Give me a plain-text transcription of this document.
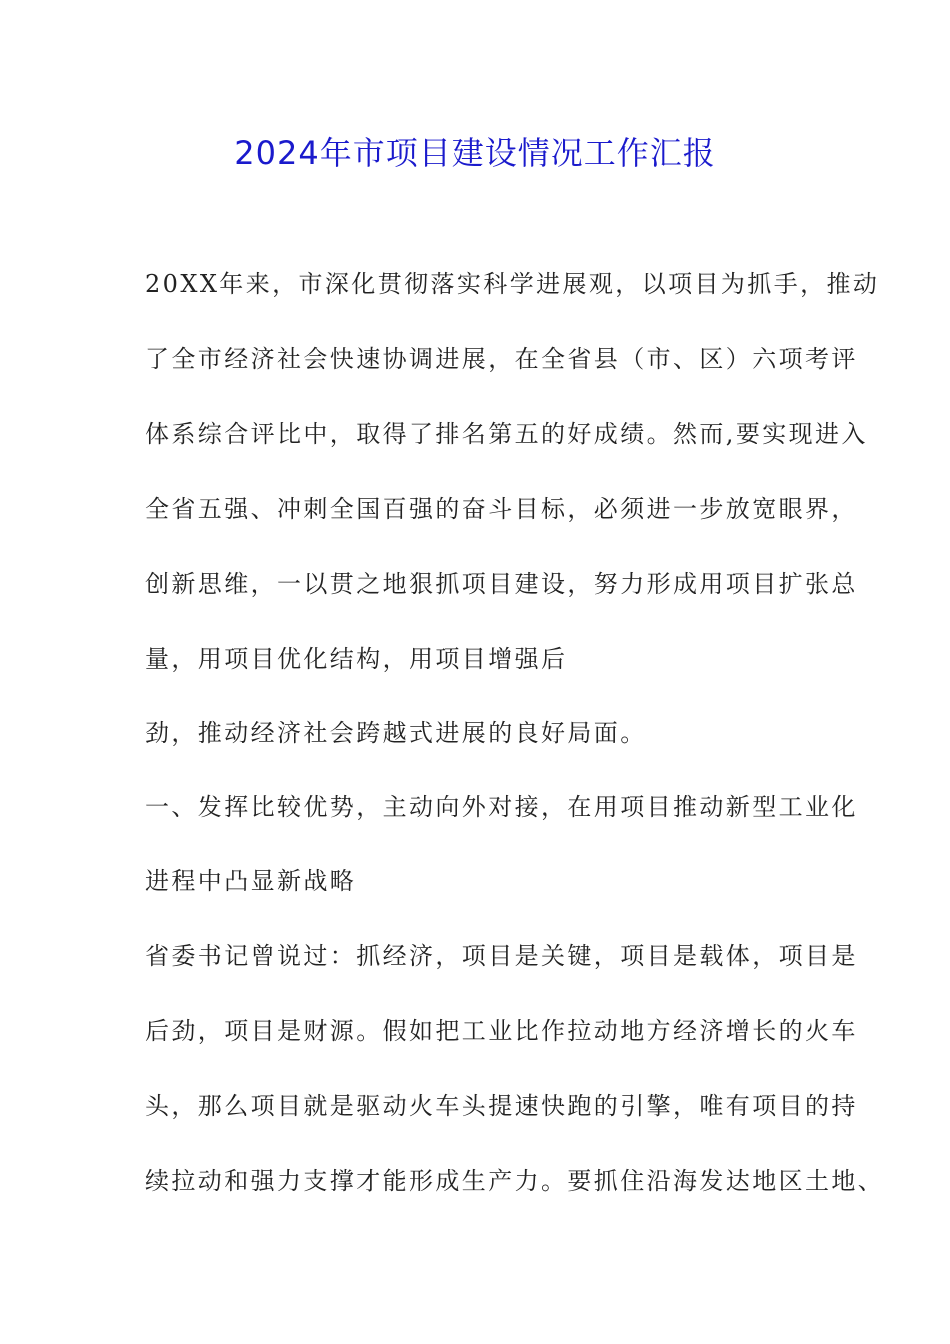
2024年市项目建设情况工作汇报
20XX年来，市深化贯彻落实科学进展观，以项目为抓手，推动
了全市经济社会快速协调进展，在全省县（市、区）六项考评
体系综合评比中，取得了排名第五的好成绩。然而,要实现进入
全省五强、冲刺全国百强的奋斗目标，必须进一步放宽眼界，
创新思维，一以贯之地狠抓项目建设，努力形成用项目扩张总
量，用项目优化结构，用项目增强后
劲，推动经济社会跨越式进展的良好局面。
一、发挥比较优势，主动向外对接，在用项目推动新型工业化
进程中凸显新战略
省委书记曾说过：抓经济，项目是关键，项目是载体，项目是
后劲，项目是财源。假如把工业比作拉动地方经济增长的火车
头，那么项目就是驱动火车头提速快跑的引擎，唯有项目的持
续拉动和强力支撑才能形成生产力。要抓住沿海发达地区土地、
